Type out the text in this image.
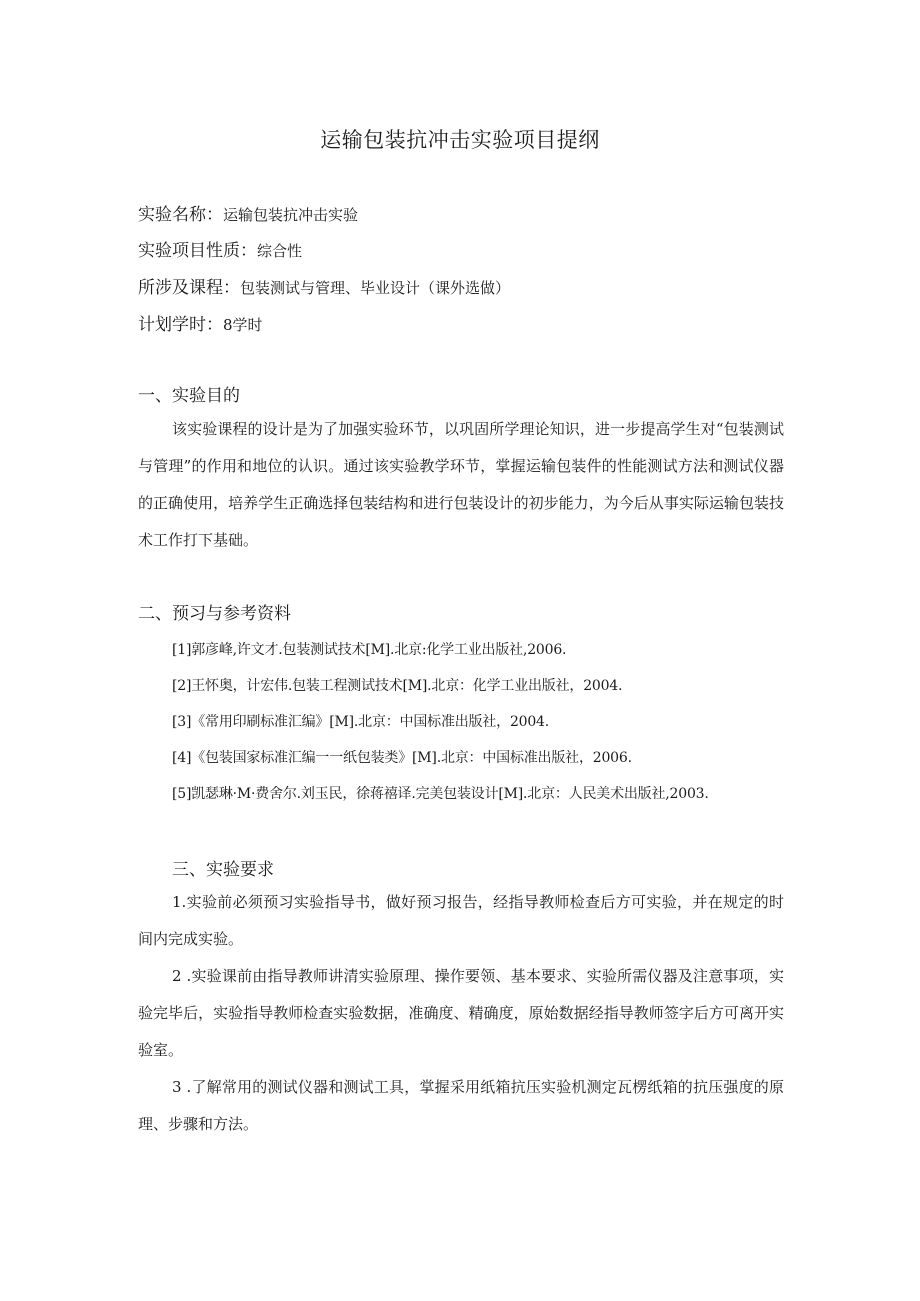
运输包装抗冲击实验项目提纲
实验名称：运输包装抗冲击实验
实验项目性质：综合性
所涉及课程：包装测试与管理、毕业设计（课外选做）
计划学时：8学时
一、实验目的

该实验课程的设计是为了加强实验环节，以巩固所学理论知识，进一步提高学生对“包装测试与管理”的作用和地位的认识。通过该实验教学环节，掌握运输包装件的性能测试方法和测试仪器的正确使用，培养学生正确选择包装结构和进行包装设计的初步能力，为今后从事实际运输包装技术工作打下基础。

二、预习与参考资料
[1]郭彦峰,许文才.包装测试技术[M].北京:化学工业出版社,2006.
[2]王怀奥，计宏伟.包装工程测试技术[M].北京：化学工业出版社，2004.
[3]《常用印刷标准汇编》[M].北京：中国标准出版社，2004.
[4]《包装国家标准汇编一一纸包装类》[M].北京：中国标准出版社，2006.
[5]凯瑟琳·M·费舍尔.刘玉民，徐蒋禧译.完美包装设计[M].北京：人民美术出版社,2003.
三、实验要求

1.实验前必须预习实验指导书，做好预习报告，经指导教师检查后方可实验，并在规定的时间内完成实验。

2 .实验课前由指导教师讲清实验原理、操作要领、基本要求、实验所需仪器及注意事项，实验完毕后，实验指导教师检查实验数据，准确度、精确度，原始数据经指导教师签字后方可离开实验室。

3 .了解常用的测试仪器和测试工具，掌握采用纸箱抗压实验机测定瓦楞纸箱的抗压强度的原理、步骤和方法。
